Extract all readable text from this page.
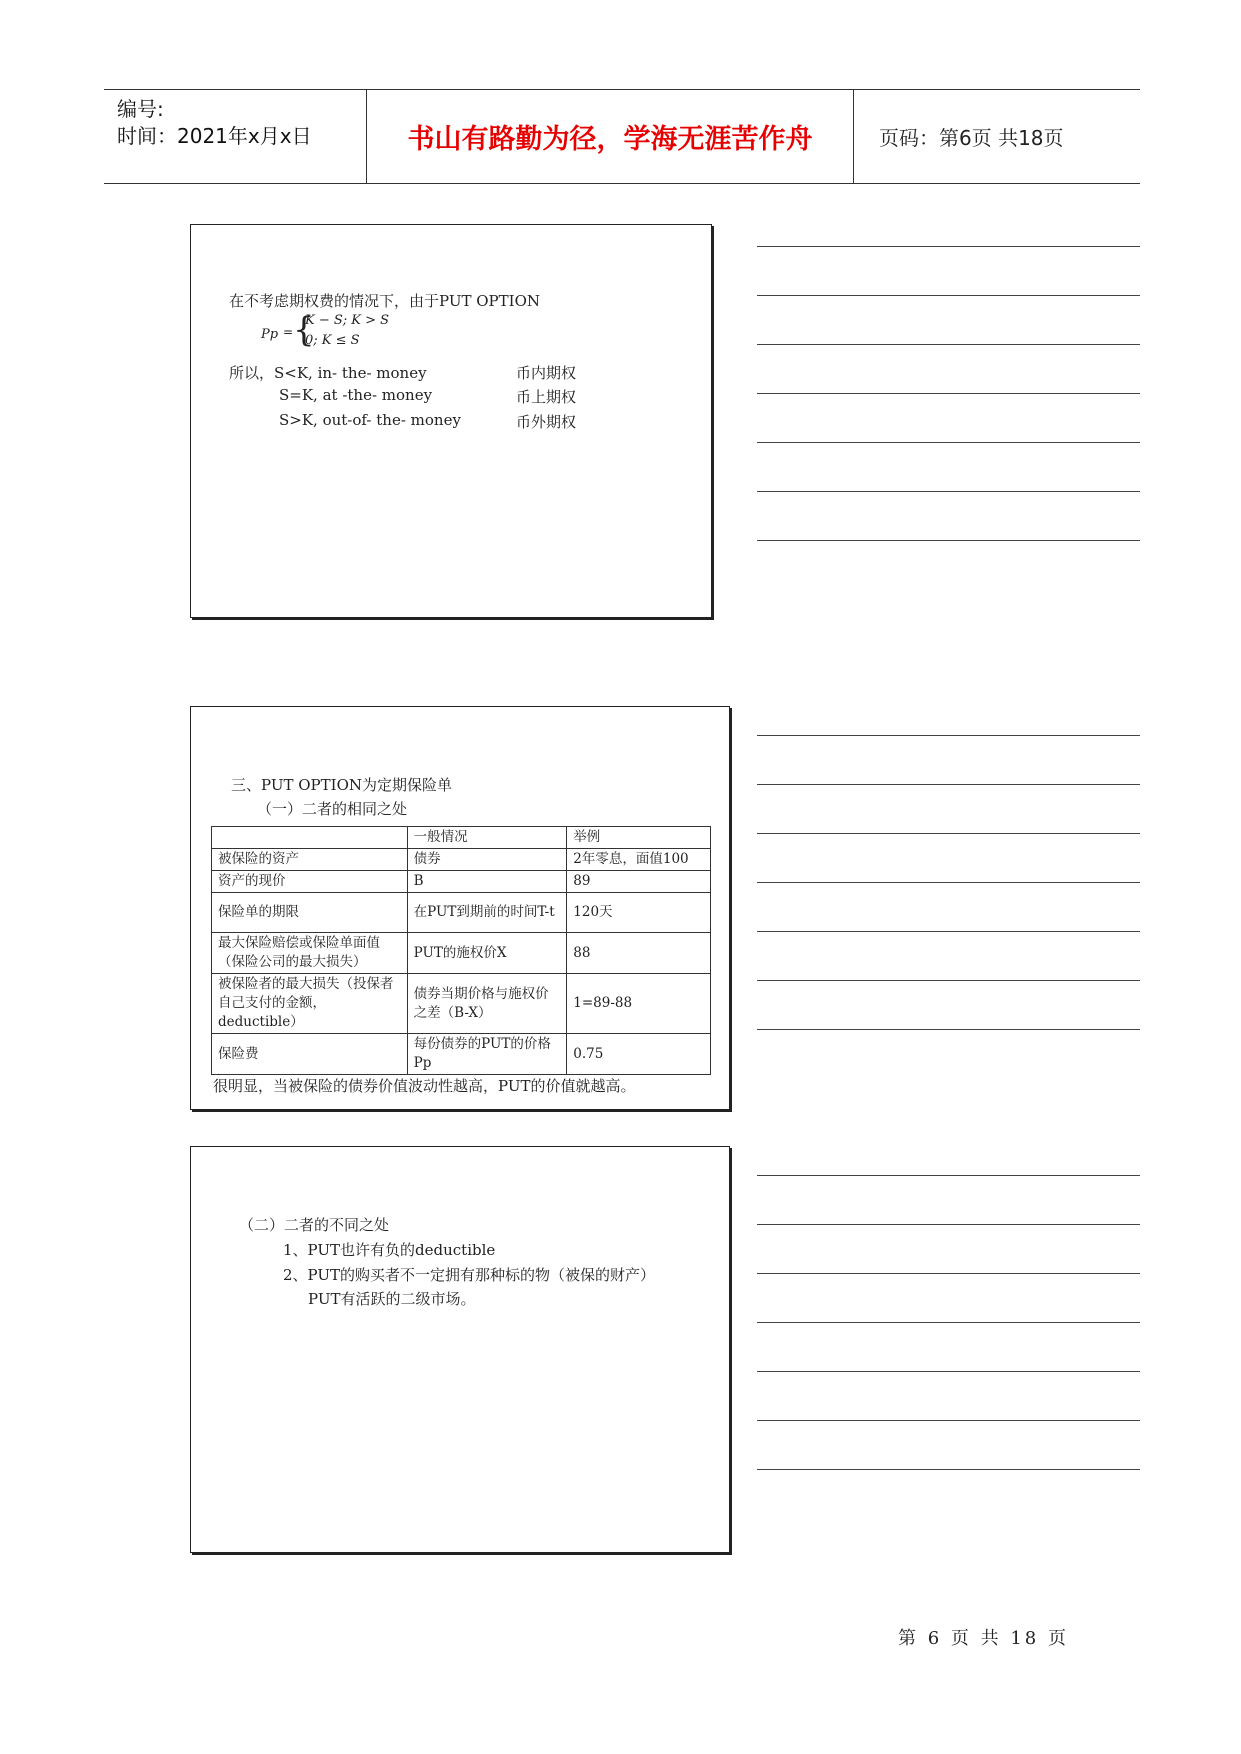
编号:
时间：2021年x月x日	书山有路勤为径，学海无涯苦作舟	页码：第6页 共18页
在不考虑期权费的情况下，由于PUT OPTION
Pp = {
K − S; K > S
0; K ≤ S
所以，S<K, in- the- money	币内期权
S=K, at -the- money	币上期权
S>K, out-of- the- money	币外期权
三、PUT OPTION为定期保险单
（一）二者的相同之处
	一般情况	举例
被保险的资产	债券	2年零息，面值100
资产的现价	B	89
保险单的期限	在PUT到期前的时间T-t	120天
最大保险赔偿或保险单面值（保险公司的最大损失）	PUT的施权价X	88
被保险者的最大损失（投保者自己支付的金额，deductible）	债券当期价格与施权价之差（B-X）	1=89-88
保险费	每份债券的PUT的价格 Pp	0.75
很明显，当被保险的债券价值波动性越高，PUT的价值就越高。
（二）二者的不同之处
1、PUT也许有负的deductible
2、PUT的购买者不一定拥有那种标的物（被保的财产）
PUT有活跃的二级市场。
第 6 页 共 18 页
